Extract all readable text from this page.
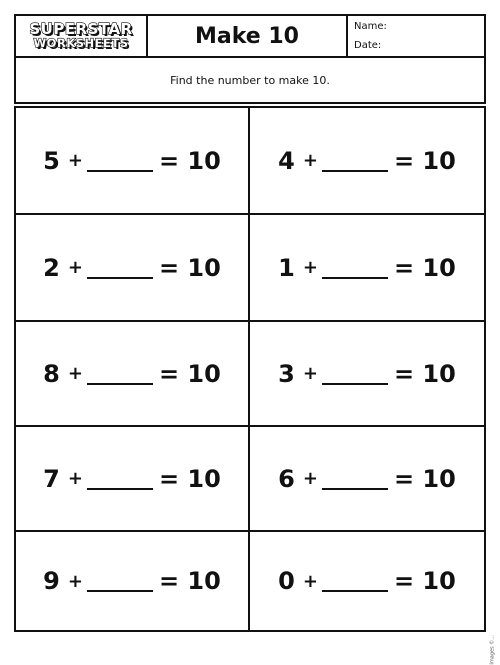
SUPERSTAR
WORKSHEETS	Make 10	Name:
Date:
Find the number to make 10.
5 +	= 10 4 +	= 10
2 +	= 10 1 +	= 10
8 +	= 10 3 +	= 10
7 +	= 10 6 +	= 10
9 +	= 10 0 +	= 10
Images ©...
